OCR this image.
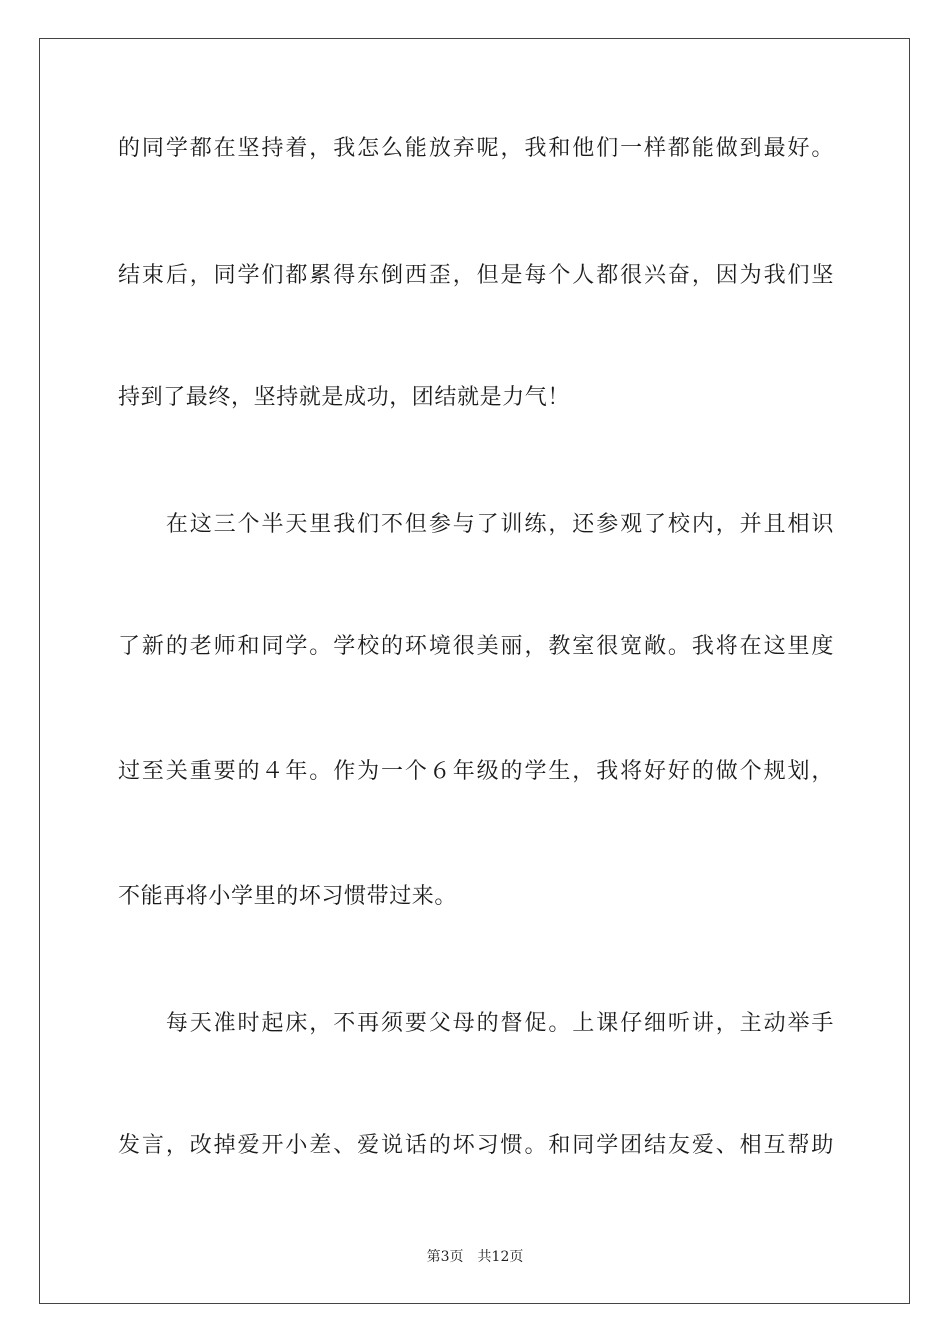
的同学都在坚持着，我怎么能放弃呢，我和他们一样都能做到最好。
结束后，同学们都累得东倒西歪，但是每个人都很兴奋，因为我们坚
持到了最终，坚持就是成功，团结就是力气！
　　在这三个半天里我们不但参与了训练，还参观了校内，并且相识
了新的老师和同学。学校的环境很美丽，教室很宽敞。我将在这里度
过至关重要的４年。作为一个６年级的学生，我将好好的做个规划，
不能再将小学里的坏习惯带过来。
　　每天准时起床，不再须要父母的督促。上课仔细听讲，主动举手
发言，改掉爱开小差、爱说话的坏习惯。和同学团结友爱、相互帮助
第3页 共12页
